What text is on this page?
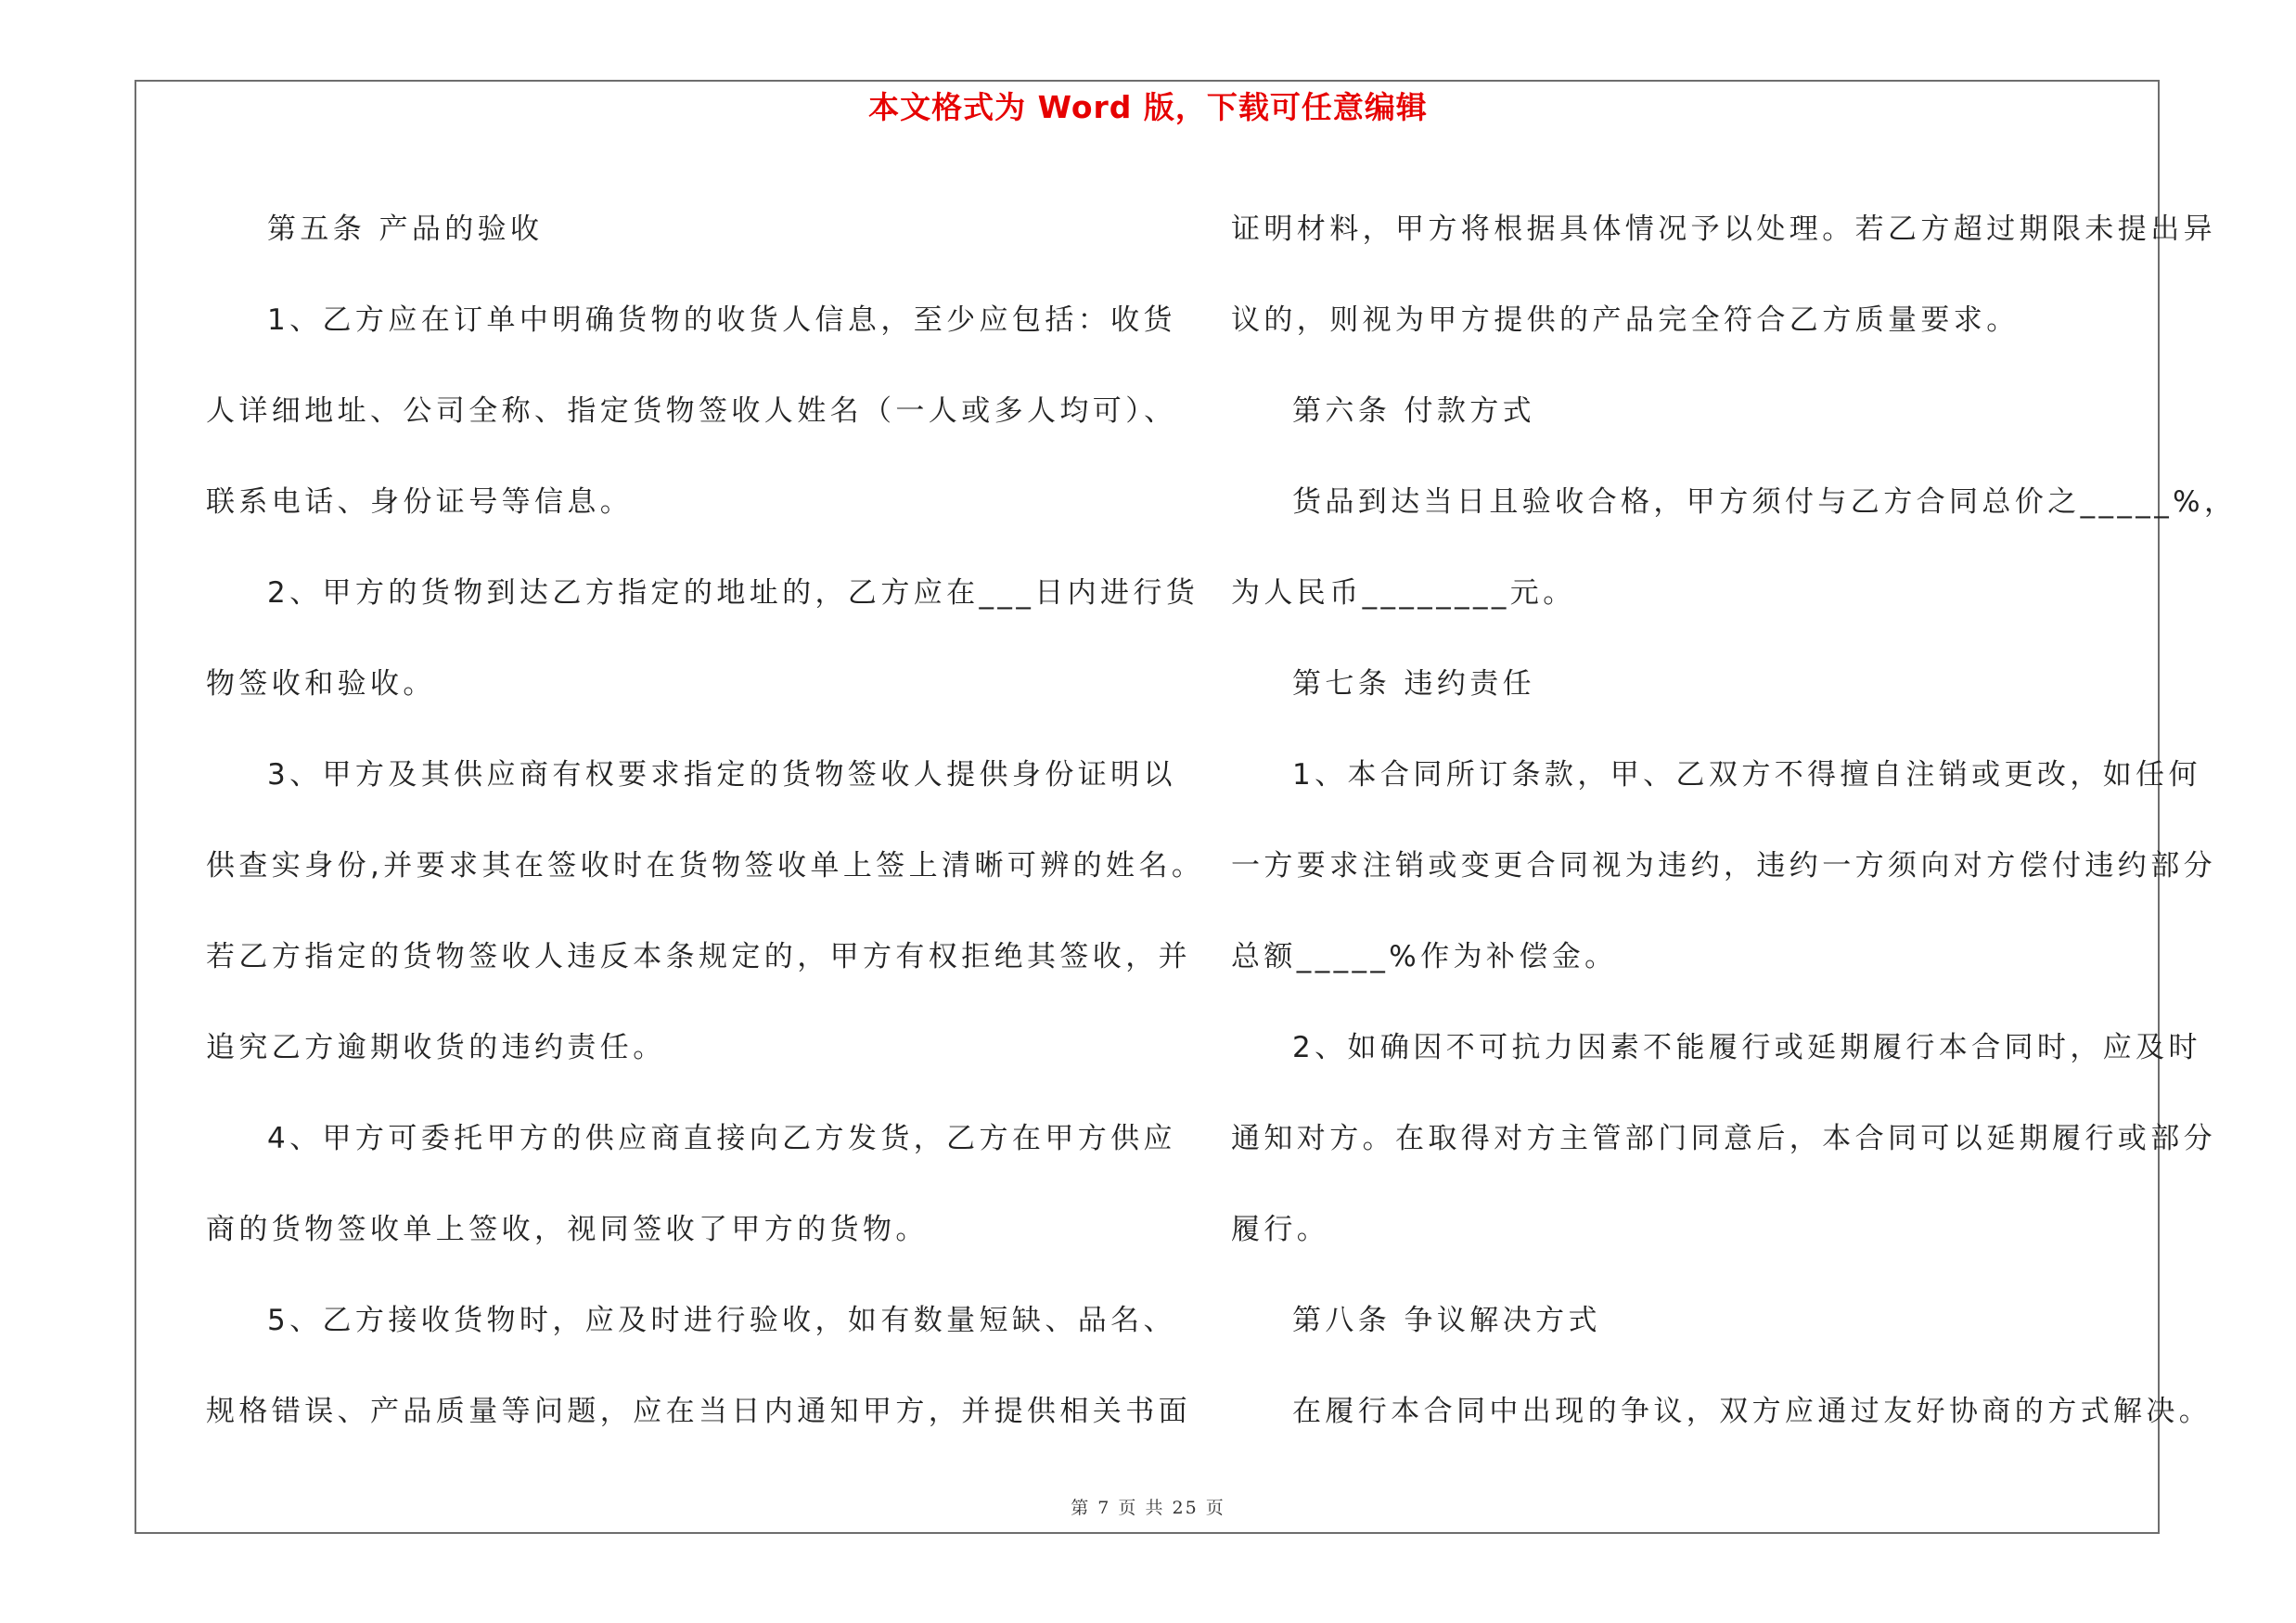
本文格式为 Word 版，下载可任意编辑

第五条 产品的验收

1、乙方应在订单中明确货物的收货人信息，至少应包括：收货

人详细地址、公司全称、指定货物签收人姓名（一人或多人均可）、

联系电话、身份证号等信息。

2、甲方的货物到达乙方指定的地址的，乙方应在___日内进行货

物签收和验收。

3、甲方及其供应商有权要求指定的货物签收人提供身份证明以

供查实身份,并要求其在签收时在货物签收单上签上清晰可辨的姓名。

若乙方指定的货物签收人违反本条规定的，甲方有权拒绝其签收，并

追究乙方逾期收货的违约责任。

4、甲方可委托甲方的供应商直接向乙方发货，乙方在甲方供应

商的货物签收单上签收，视同签收了甲方的货物。

5、乙方接收货物时，应及时进行验收，如有数量短缺、品名、

规格错误、产品质量等问题，应在当日内通知甲方，并提供相关书面

证明材料，甲方将根据具体情况予以处理。若乙方超过期限未提出异

议的，则视为甲方提供的产品完全符合乙方质量要求。

第六条 付款方式

货品到达当日且验收合格，甲方须付与乙方合同总价之_____%，

为人民币________元。

第七条 违约责任

1、本合同所订条款，甲、乙双方不得擅自注销或更改，如任何

一方要求注销或变更合同视为违约，违约一方须向对方偿付违约部分

总额_____%作为补偿金。

2、如确因不可抗力因素不能履行或延期履行本合同时，应及时

通知对方。在取得对方主管部门同意后，本合同可以延期履行或部分

履行。

第八条 争议解决方式

在履行本合同中出现的争议，双方应通过友好协商的方式解决。

第 7 页 共 25 页
